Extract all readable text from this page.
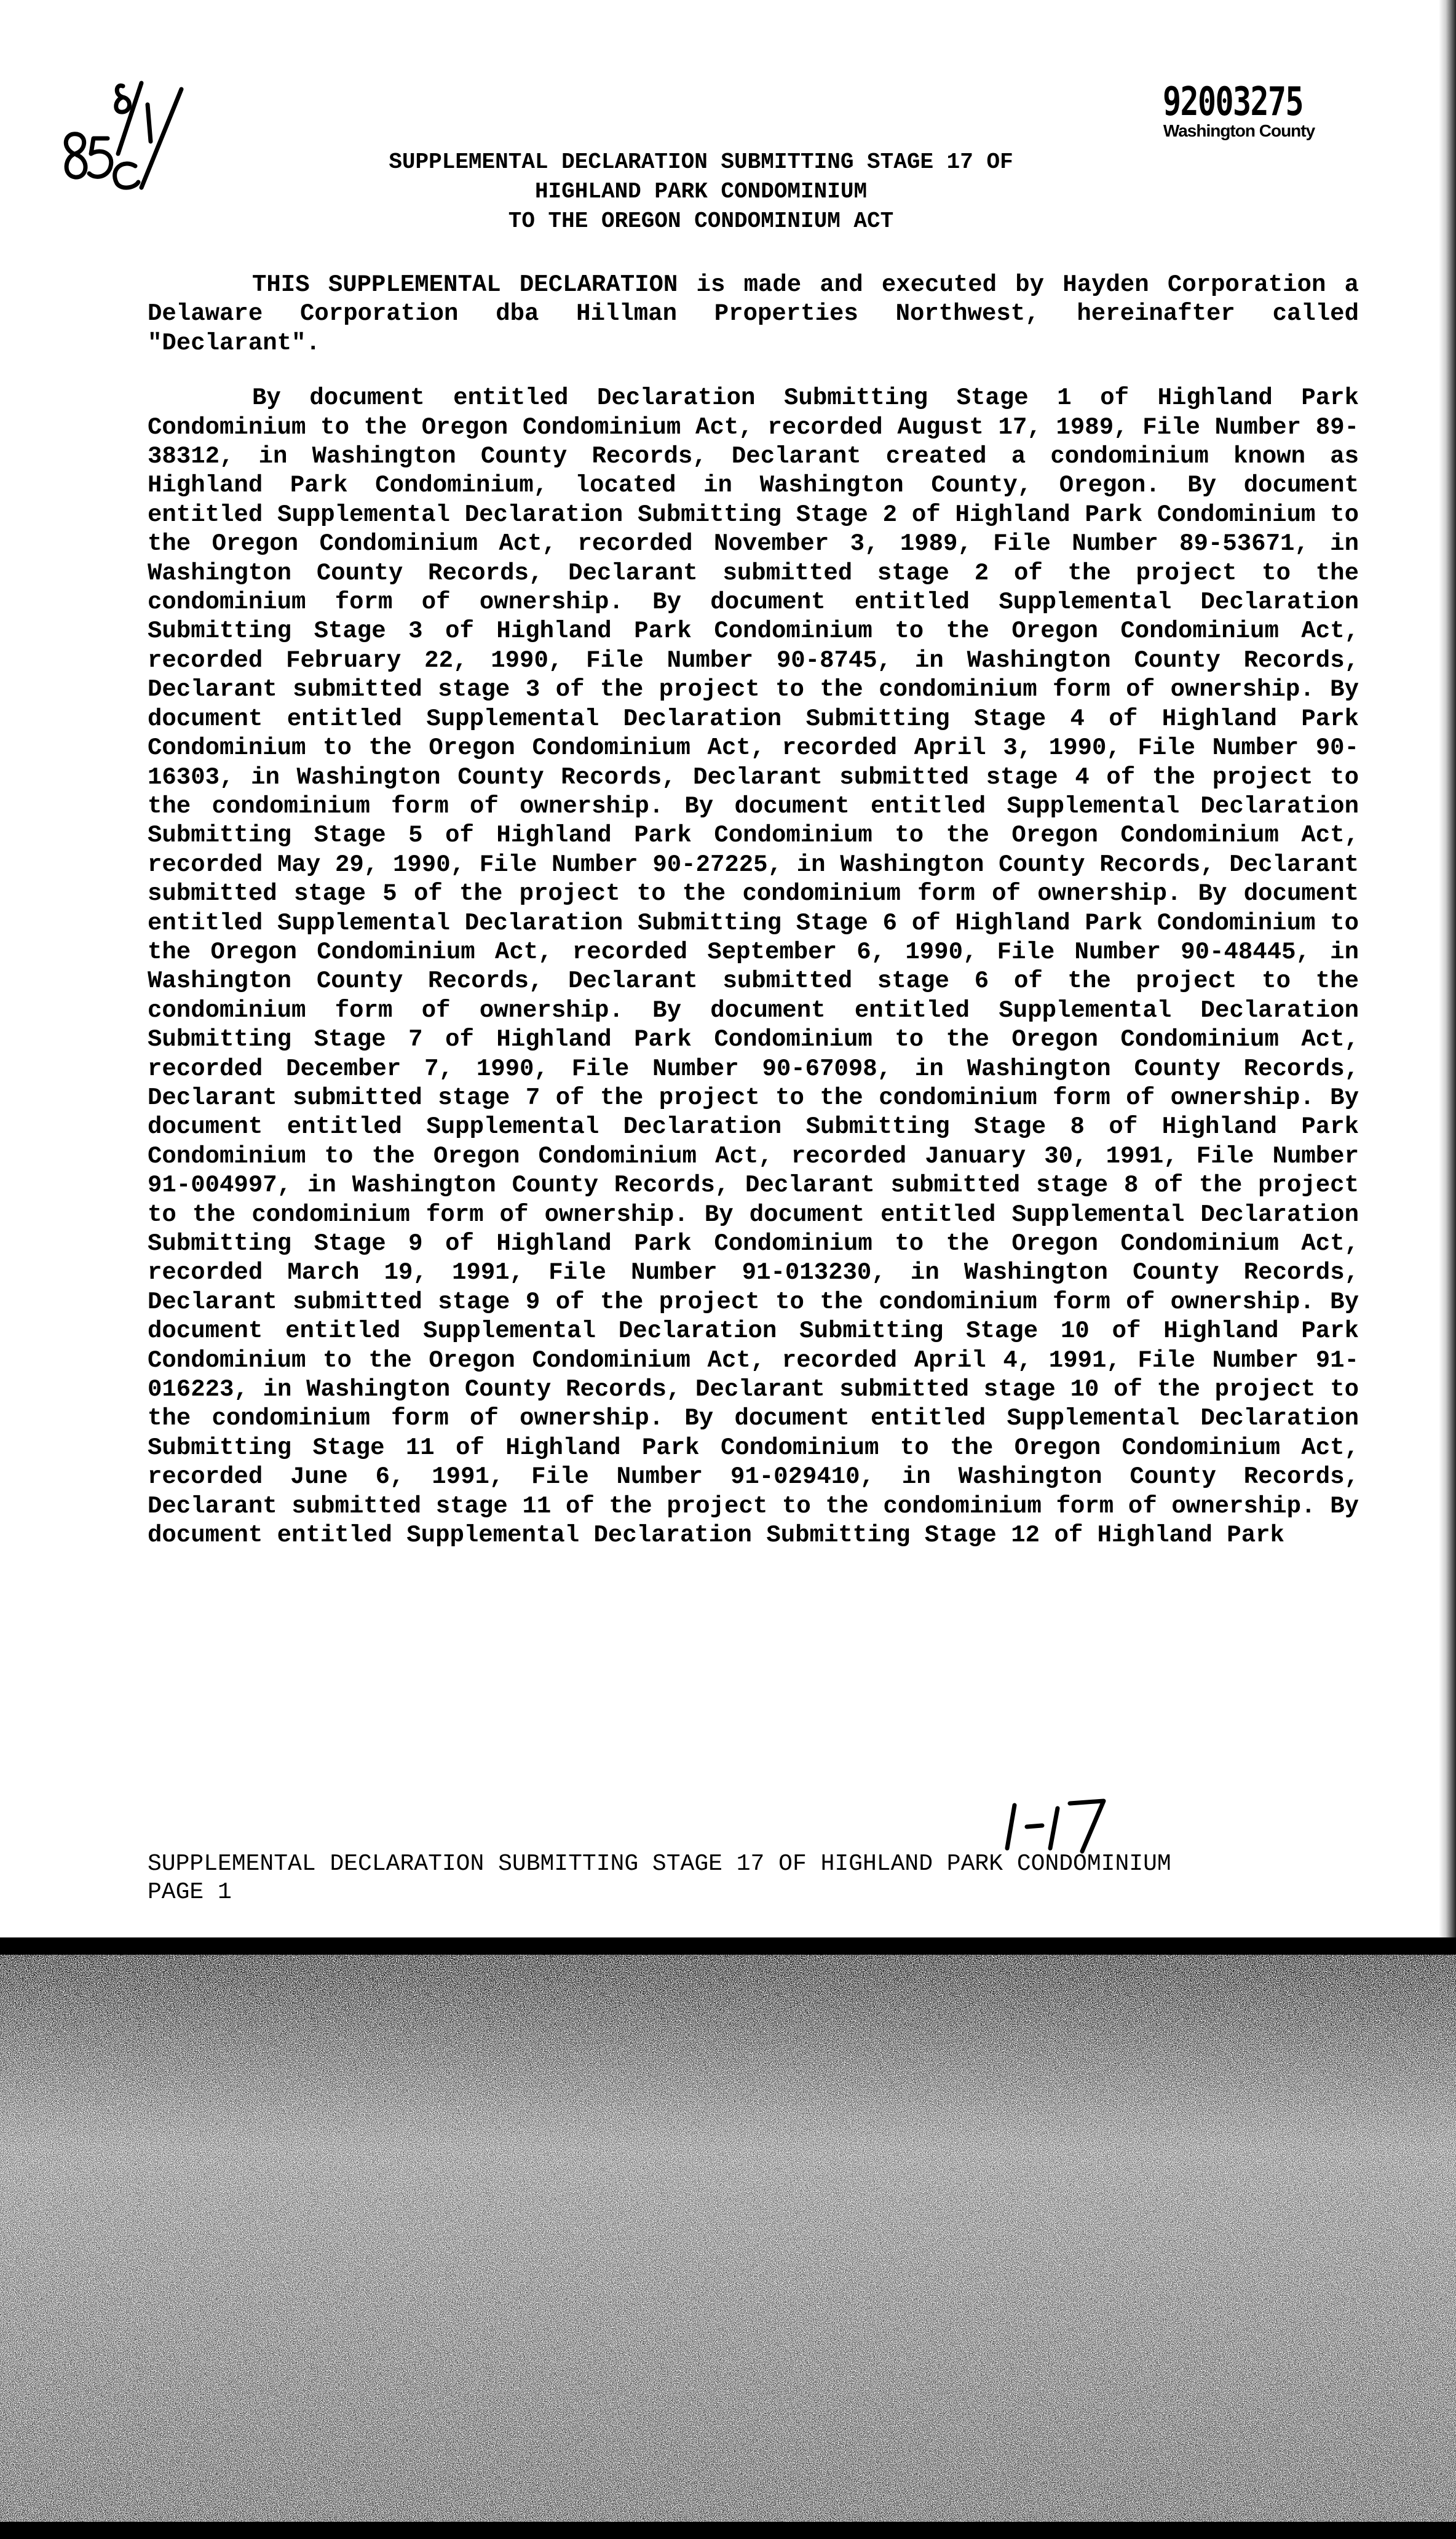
92003275
Washington County
SUPPLEMENTAL DECLARATION SUBMITTING STAGE 17 OF
HIGHLAND PARK CONDOMINIUM
TO THE OREGON CONDOMINIUM ACT

THIS SUPPLEMENTAL DECLARATION is made and executed by Hayden Corporation a Delaware Corporation dba Hillman Properties Northwest, hereinafter called "Declarant".

By document entitled Declaration Submitting Stage 1 of Highland Park Condominium to the Oregon Condominium Act, recorded August 17, 1989, File Number 89-38312, in Washington County Records, Declarant created a condominium known as Highland Park Condominium, located in Washington County, Oregon. By document entitled Supplemental Declaration Submitting Stage 2 of Highland Park Condominium to the Oregon Condominium Act, recorded November 3, 1989, File Number 89-53671, in Washington County Records, Declarant submitted stage 2 of the project to the condominium form of ownership. By document entitled Supplemental Declaration Submitting Stage 3 of Highland Park Condominium to the Oregon Condominium Act, recorded February 22, 1990, File Number 90-8745, in Washington County Records, Declarant submitted stage 3 of the project to the condominium form of ownership. By document entitled Supplemental Declaration Submitting Stage 4 of Highland Park Condominium to the Oregon Condominium Act, recorded April 3, 1990, File Number 90-16303, in Washington County Records, Declarant submitted stage 4 of the project to the condominium form of ownership. By document entitled Supplemental Declaration Submitting Stage 5 of Highland Park Condominium to the Oregon Condominium Act, recorded May 29, 1990, File Number 90-27225, in Washington County Records, Declarant submitted stage 5 of the project to the condominium form of ownership. By document entitled Supplemental Declaration Submitting Stage 6 of Highland Park Condominium to the Oregon Condominium Act, recorded September 6, 1990, File Number 90-48445, in Washington County Records, Declarant submitted stage 6 of the project to the condominium form of ownership. By document entitled Supplemental Declaration Submitting Stage 7 of Highland Park Condominium to the Oregon Condominium Act, recorded December 7, 1990, File Number 90-67098, in Washington County Records, Declarant submitted stage 7 of the project to the condominium form of ownership. By document entitled Supplemental Declaration Submitting Stage 8 of Highland Park Condominium to the Oregon Condominium Act, recorded January 30, 1991, File Number 91-004997, in Washington County Records, Declarant submitted stage 8 of the project to the condominium form of ownership. By document entitled Supplemental Declaration Submitting Stage 9 of Highland Park Condominium to the Oregon Condominium Act, recorded March 19, 1991, File Number 91-013230, in Washington County Records, Declarant submitted stage 9 of the project to the condominium form of ownership. By document entitled Supplemental Declaration Submitting Stage 10 of Highland Park Condominium to the Oregon Condominium Act, recorded April 4, 1991, File Number 91-016223, in Washington County Records, Declarant submitted stage 10 of the project to the condominium form of ownership. By document entitled Supplemental Declaration Submitting Stage 11 of Highland Park Condominium to the Oregon Condominium Act, recorded June 6, 1991, File Number 91-029410, in Washington County Records, Declarant submitted stage 11 of the project to the condominium form of ownership. By document entitled Supplemental Declaration Submitting Stage 12 of Highland Park

SUPPLEMENTAL DECLARATION SUBMITTING STAGE 17 OF HIGHLAND PARK CONDOMINIUM
PAGE 1
